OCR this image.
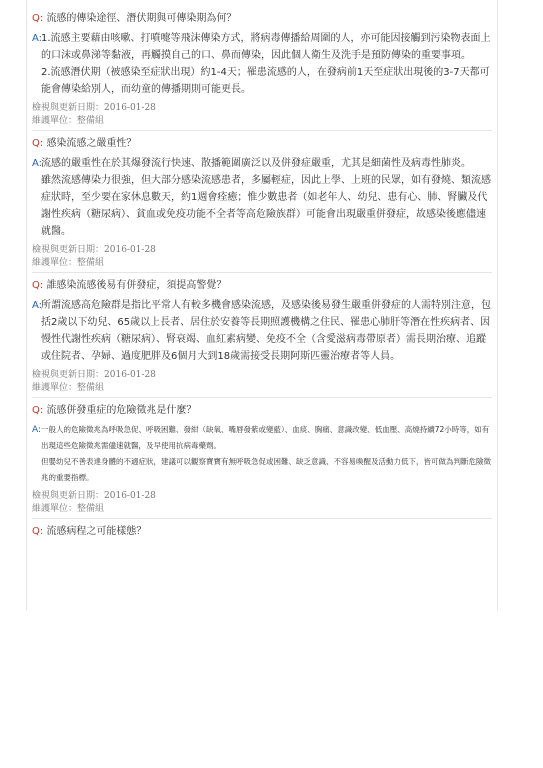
Q: 流感的傳染途徑、潛伏期與可傳染期為何？
A:

1.流感主要藉由咳嗽、打噴嚏等飛沫傳染方式，將病毒傳播給周圍的人，亦可能因接觸到污染物表面上的口沫或鼻涕等黏液，再觸摸自己的口、鼻而傳染，因此個人衛生及洗手是預防傳染的重要事項。

2.流感潛伏期（被感染至症狀出現）約1-4天；罹患流感的人，在發病前1天至症狀出現後的3-7天都可能會傳染給別人，而幼童的傳播期則可能更長。

檢視與更新日期：2016-01-28
維護單位：整備組
Q: 感染流感之嚴重性？
A:

流感的嚴重性在於其爆發流行快速、散播範圍廣泛以及併發症嚴重，尤其是細菌性及病毒性肺炎。

雖然流感傳染力很強，但大部分感染流感患者，多屬輕症，因此上學、上班的民眾，如有發燒、類流感症狀時，至少要在家休息數天，約1週會痊癒；惟少數患者（如老年人、幼兒、患有心、肺、腎臟及代謝性疾病（糖尿病）、貧血或免疫功能不全者等高危險族群）可能會出現嚴重併發症，故感染後應儘速就醫。

檢視與更新日期：2016-01-28
維護單位：整備組
Q: 誰感染流感後易有併發症，須提高警覺？
A:

所謂流感高危險群是指比平常人有較多機會感染流感，及感染後易發生嚴重併發症的人需特別注意，包括2歲以下幼兒、65歲以上長者、居住於安養等長期照護機構之住民、罹患心肺肝等潛在性疾病者、因慢性代謝性疾病（糖尿病）、腎衰竭、血紅素病變、免疫不全（含愛滋病毒帶原者）需長期治療、追蹤或住院者、孕婦、過度肥胖及6個月大到18歲需接受長期阿斯匹靈治療者等人員。

檢視與更新日期：2016-01-28
維護單位：整備組
Q: 流感併發重症的危險徵兆是什麼？
A: 一般人的危險徵兆為呼吸急促、呼吸困難、發紺（缺氧、嘴唇發紫或變藍）、血痰、胸痛、意識改變、低血壓、高燒持續72小時等，如有出現這些危險徵兆需儘速就醫，及早使用抗病毒藥劑。

但嬰幼兒不善表達身體的不適症狀，建議可以觀察寶寶有無呼吸急促或困難、缺乏意識、不容易喚醒及活動力低下，皆可做為判斷危險徵兆的重要指標。

檢視與更新日期：2016-01-28
維護單位：整備組
Q: 流感病程之可能樣態？
